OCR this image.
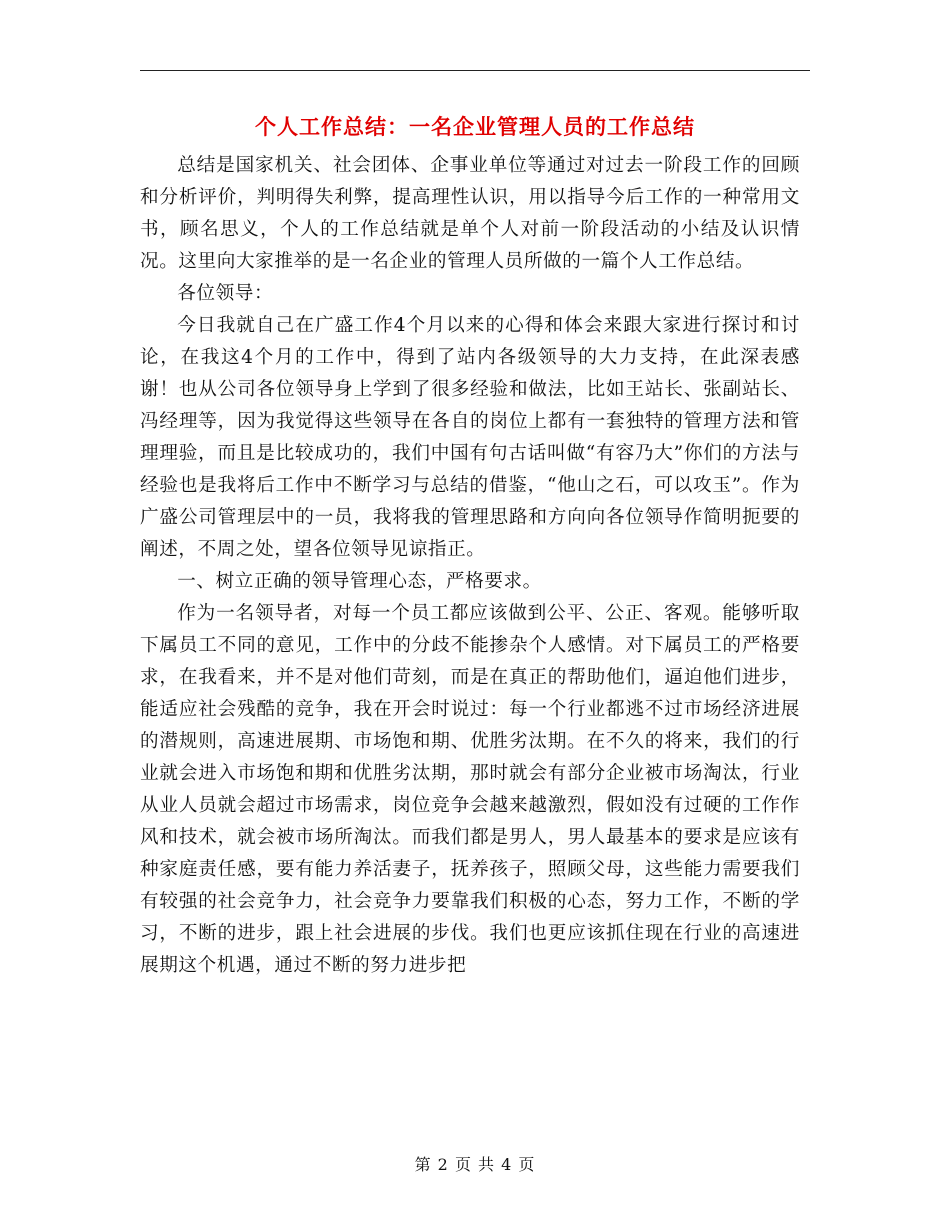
个人工作总结：一名企业管理人员的工作总结

总结是国家机关、社会团体、企事业单位等通过对过去一阶段工作的回顾和分析评价，判明得失利弊，提高理性认识，用以指导今后工作的一种常用文书，顾名思义，个人的工作总结就是单个人对前一阶段活动的小结及认识情况。这里向大家推举的是一名企业的管理人员所做的一篇个人工作总结。

各位领导：

今日我就自己在广盛工作4个月以来的心得和体会来跟大家进行探讨和讨论，在我这4个月的工作中，得到了站内各级领导的大力支持，在此深表感谢！也从公司各位领导身上学到了很多经验和做法，比如王站长、张副站长、冯经理等，因为我觉得这些领导在各自的岗位上都有一套独特的管理方法和管理理验，而且是比较成功的，我们中国有句古话叫做“有容乃大”你们的方法与经验也是我将后工作中不断学习与总结的借鉴，“他山之石，可以攻玉”。作为广盛公司管理层中的一员，我将我的管理思路和方向向各位领导作简明扼要的阐述，不周之处，望各位领导见谅指正。

一、树立正确的领导管理心态，严格要求。

作为一名领导者，对每一个员工都应该做到公平、公正、客观。能够听取下属员工不同的意见，工作中的分歧不能掺杂个人感情。对下属员工的严格要求，在我看来，并不是对他们苛刻，而是在真正的帮助他们，逼迫他们进步，能适应社会残酷的竞争，我在开会时说过：每一个行业都逃不过市场经济进展的潜规则，高速进展期、市场饱和期、优胜劣汰期。在不久的将来，我们的行业就会进入市场饱和期和优胜劣汰期，那时就会有部分企业被市场淘汰，行业从业人员就会超过市场需求，岗位竞争会越来越激烈，假如没有过硬的工作作风和技术，就会被市场所淘汰。而我们都是男人，男人最基本的要求是应该有种家庭责任感，要有能力养活妻子，抚养孩子，照顾父母，这些能力需要我们有较强的社会竞争力，社会竞争力要靠我们积极的心态，努力工作，不断的学习，不断的进步，跟上社会进展的步伐。我们也更应该抓住现在行业的高速进展期这个机遇，通过不断的努力进步把

第 2 页 共 4 页
